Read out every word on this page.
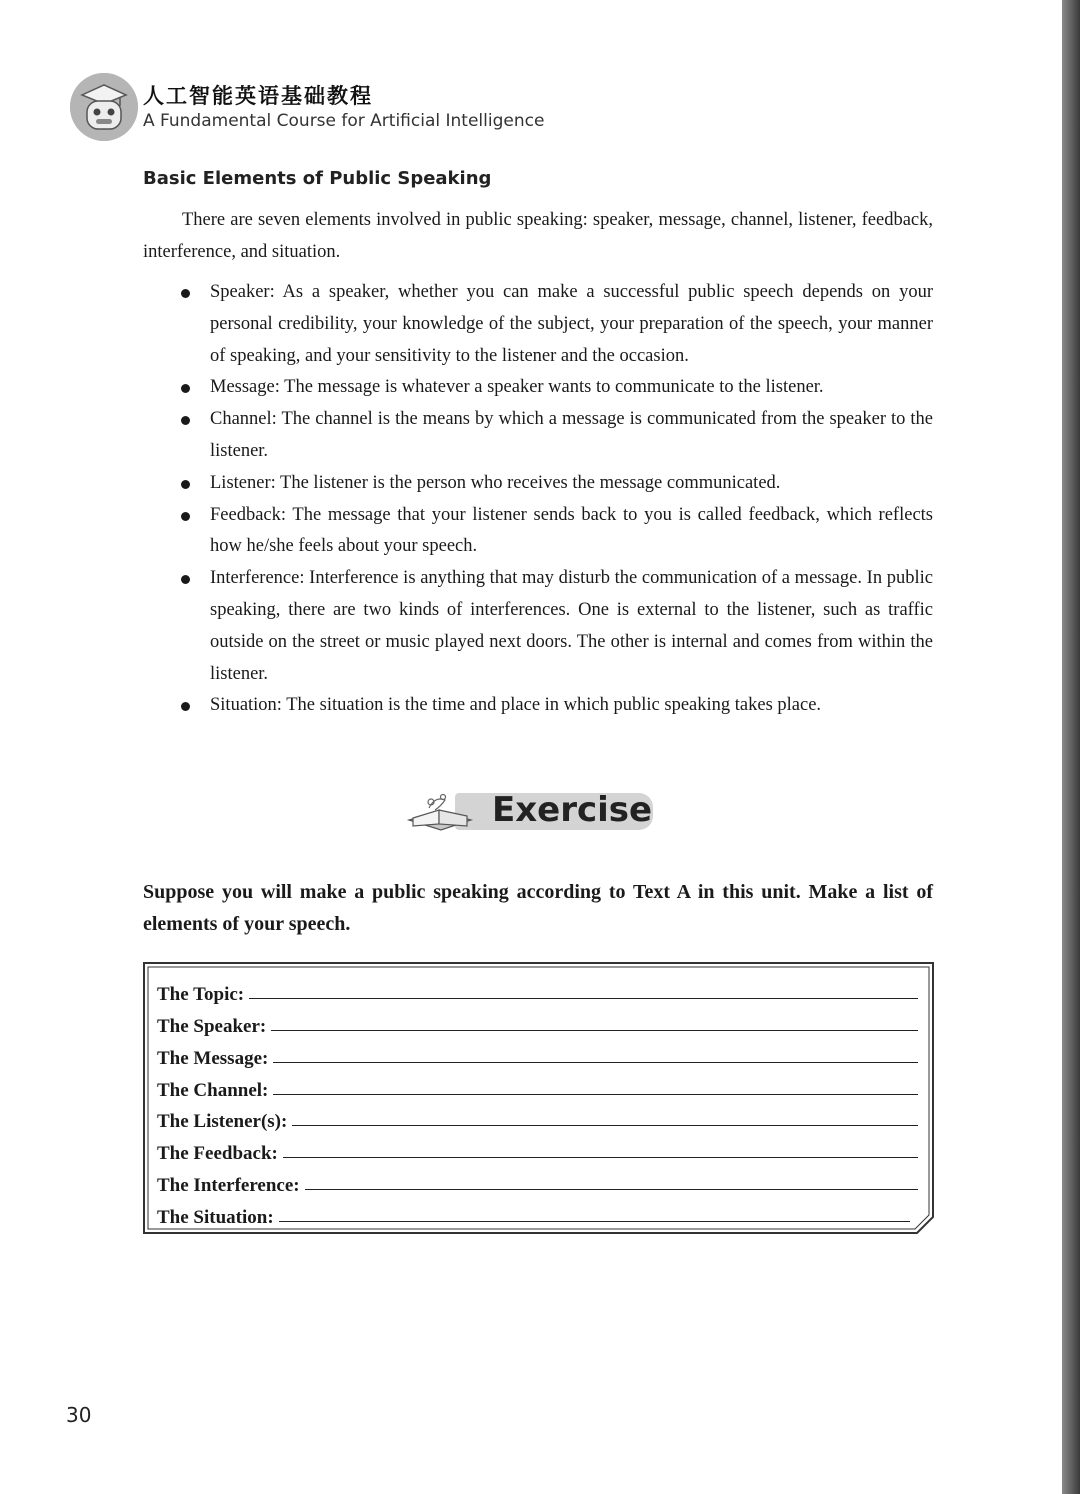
人工智能英语基础教程
A Fundamental Course for Artificial Intelligence
Basic Elements of Public Speaking

There are seven elements involved in public speaking: speaker, message, channel, listener, feedback, interference, and situation.

Speaker: As a speaker, whether you can make a successful public speech depends on your personal credibility, your knowledge of the subject, your preparation of the speech, your manner of speaking, and your sensitivity to the listener and the occasion.
Message: The message is whatever a speaker wants to communicate to the listener.
Channel: The channel is the means by which a message is communicated from the speaker to the listener.
Listener: The listener is the person who receives the message communicated.
Feedback: The message that your listener sends back to you is called feedback, which reflects how he/she feels about your speech.
Interference: Interference is anything that may disturb the communication of a message. In public speaking, there are two kinds of interferences. One is external to the listener, such as traffic outside on the street or music played next doors. The other is internal and comes from within the listener.
Situation: The situation is the time and place in which public speaking takes place.
Exercise

Suppose you will make a public speaking according to Text A in this unit. Make a list of elements of your speech.

The Topic:
The Speaker:
The Message:
The Channel:
The Listener(s):
The Feedback:
The Interference:
The Situation:
30
